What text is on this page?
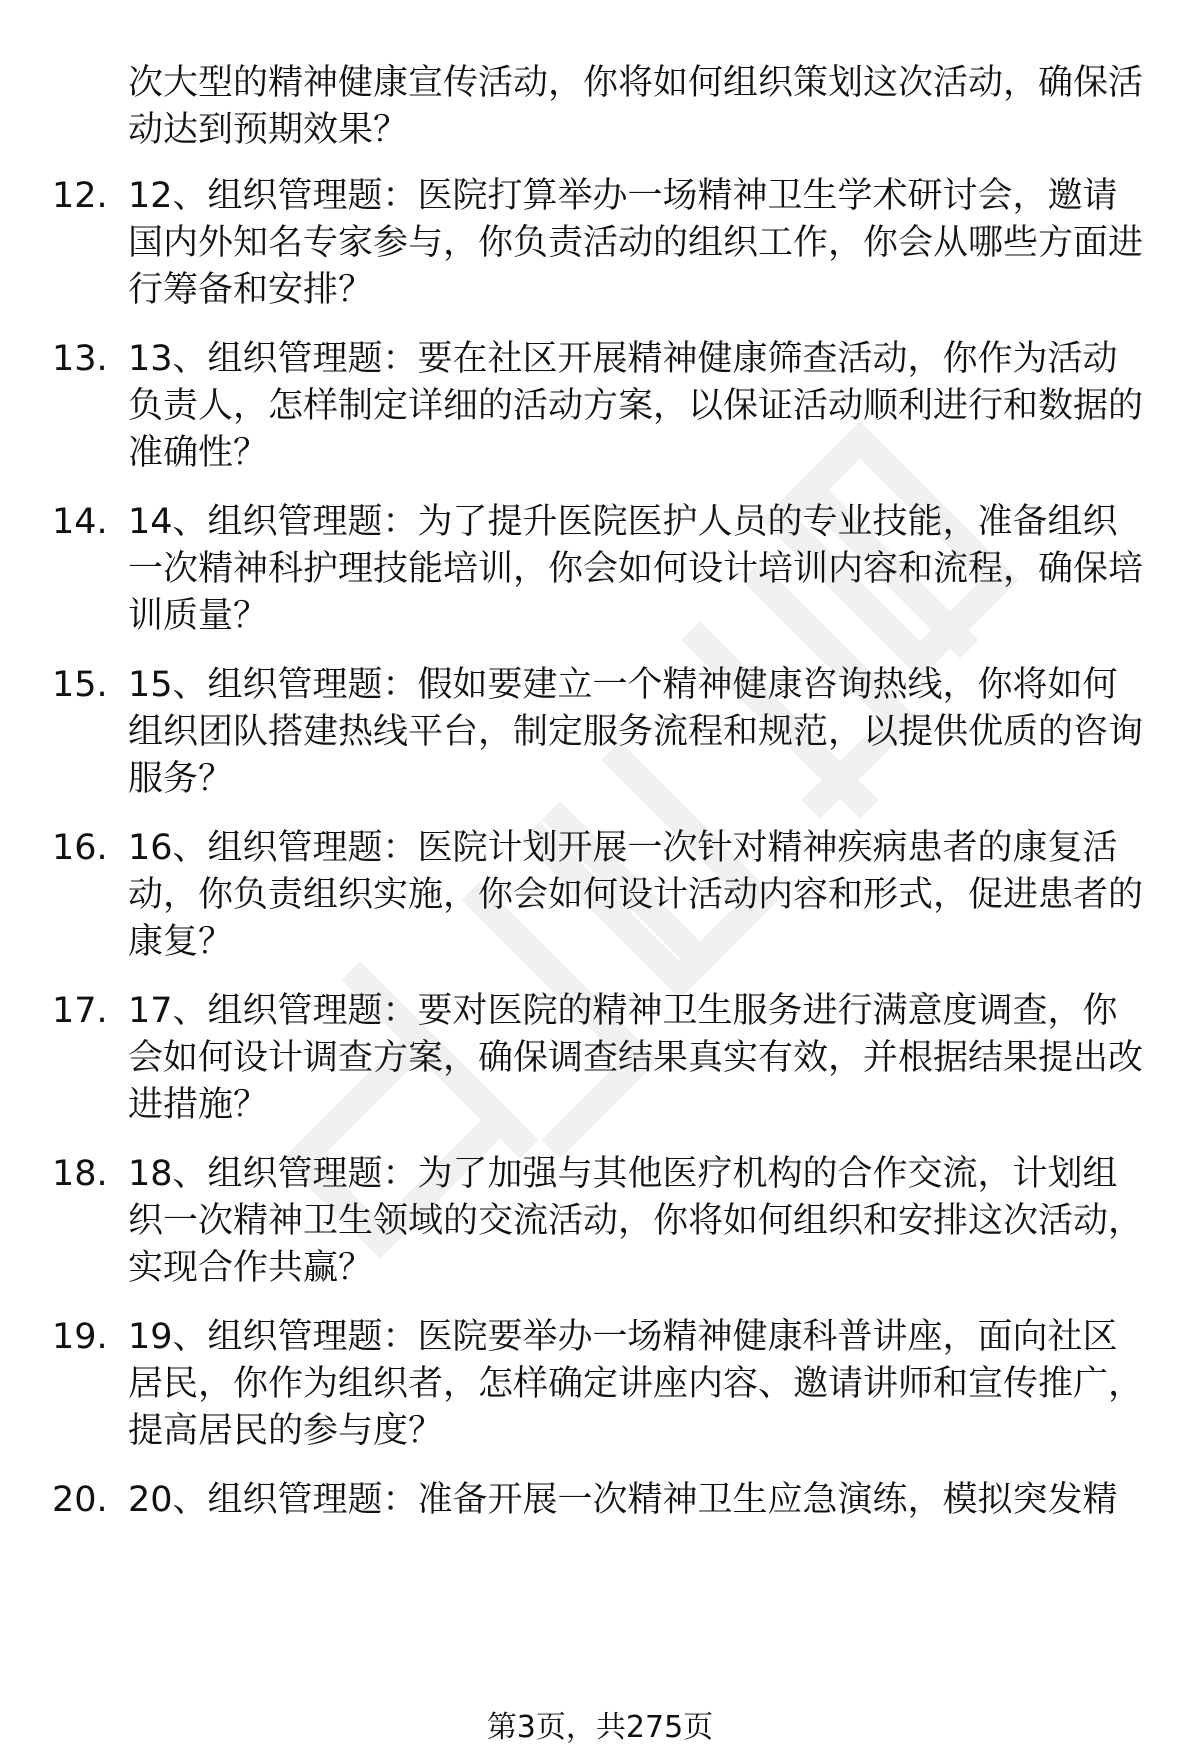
次大型的精神健康宣传活动，你将如何组织策划这次活动，确保活动达到预期效果？
12. 12、组织管理题：医院打算举办一场精神卫生学术研讨会，邀请国内外知名专家参与，你负责活动的组织工作，你会从哪些方面进行筹备和安排？
13. 13、组织管理题：要在社区开展精神健康筛查活动，你作为活动负责人，怎样制定详细的活动方案，以保证活动顺利进行和数据的准确性？
14. 14、组织管理题：为了提升医院医护人员的专业技能，准备组织一次精神科护理技能培训，你会如何设计培训内容和流程，确保培训质量？
15. 15、组织管理题：假如要建立一个精神健康咨询热线，你将如何组织团队搭建热线平台，制定服务流程和规范，以提供优质的咨询服务？
16. 16、组织管理题：医院计划开展一次针对精神疾病患者的康复活动，你负责组织实施，你会如何设计活动内容和形式，促进患者的康复？
17. 17、组织管理题：要对医院的精神卫生服务进行满意度调查，你会如何设计调查方案，确保调查结果真实有效，并根据结果提出改进措施？
18. 18、组织管理题：为了加强与其他医疗机构的合作交流，计划组织一次精神卫生领域的交流活动，你将如何组织和安排这次活动，实现合作共赢？
19. 19、组织管理题：医院要举办一场精神健康科普讲座，面向社区居民，你作为组织者，怎样确定讲座内容、邀请讲师和宣传推广，提高居民的参与度？
20. 20、组织管理题：准备开展一次精神卫生应急演练，模拟突发精
第3页，共275页
